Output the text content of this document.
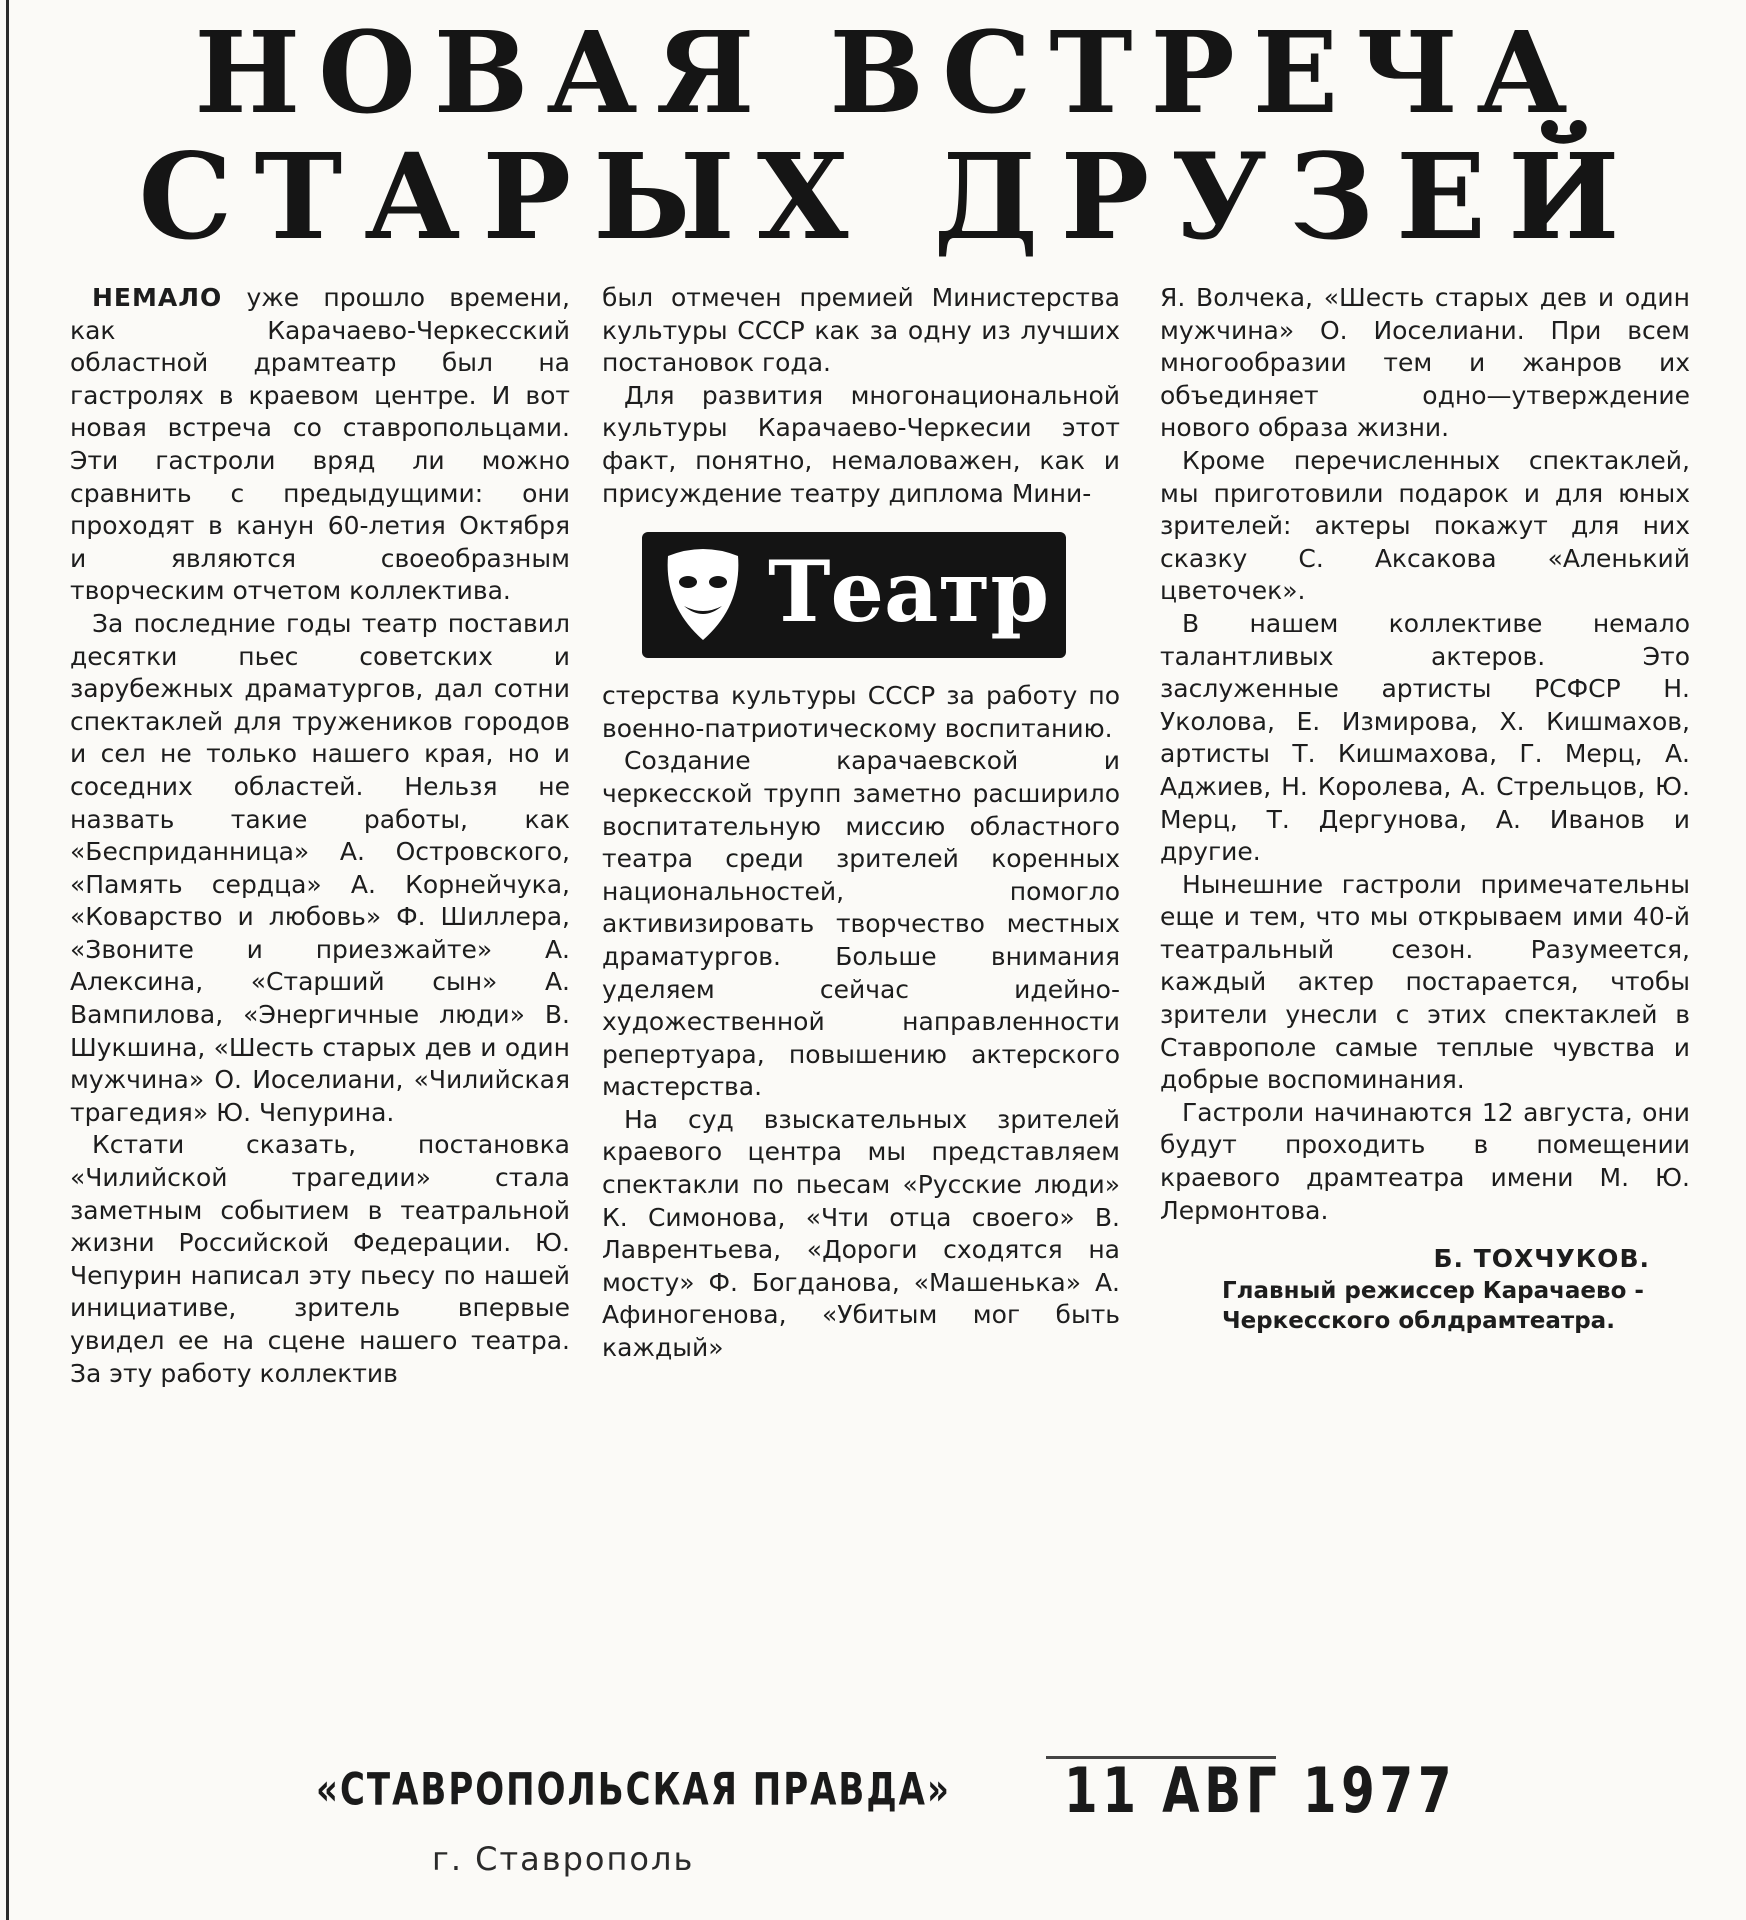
НОВАЯ ВСТРЕЧА
СТАРЫХ ДРУЗЕЙ

НЕМАЛО уже прошло времени, как Карачаево-Черкесский областной драмтеатр был на гастролях в краевом центре. И вот новая встреча со ставропольцами. Эти гастроли вряд ли можно сравнить с предыдущими: они проходят в канун 60-летия Октября и являются своеобразным творческим отчетом коллектива.

За последние годы театр поставил десятки пьес советских и зарубежных драматургов, дал сотни спектаклей для тружеников городов и сел не только нашего края, но и соседних областей. Нельзя не назвать такие работы, как «Бесприданница» А. Островского, «Память сердца» А. Корнейчука, «Коварство и любовь» Ф. Шиллера, «Звоните и приезжайте» А. Алексина, «Старший сын» А. Вампилова, «Энергичные люди» В. Шукшина, «Шесть старых дев и один мужчина» О. Иоселиани, «Чилийская трагедия» Ю. Чепурина.

Кстати сказать, постановка «Чилийской трагедии» стала заметным событием в театральной жизни Российской Федерации. Ю. Чепурин написал эту пьесу по нашей инициативе, зритель впервые увидел ее на сцене нашего театра. За эту работу коллектив

был отмечен премией Министерства культуры СССР как за одну из лучших постановок года.

Для развития многонациональной культуры Карачаево-Черкесии этот факт, понятно, немаловажен, как и присуждение театру диплома Мини-

Театр

стерства культуры СССР за работу по военно-патриотическому воспитанию.

Создание карачаевской и черкесской трупп заметно расширило воспитательную миссию областного театра среди зрителей коренных национальностей, помогло активизировать творчество местных драматургов. Больше внимания уделяем сейчас идейно-художественной направленности репертуара, повышению актерского мастерства.

На суд взыскательных зрителей краевого центра мы представляем спектакли по пьесам «Русские люди» К. Симонова, «Чти отца своего» В. Лаврентьева, «Дороги сходятся на мосту» Ф. Богданова, «Машенька» А. Афиногенова, «Убитым мог быть каждый»

Я. Волчека, «Шесть старых дев и один мужчина» О. Иоселиани. При всем многообразии тем и жанров их объединяет одно—утверждение нового образа жизни.

Кроме перечисленных спектаклей, мы приготовили подарок и для юных зрителей: актеры покажут для них сказку С. Аксакова «Аленький цветочек».

В нашем коллективе немало талантливых актеров. Это заслуженные артисты РСФСР Н. Уколова, Е. Измирова, Х. Кишмахов, артисты Т. Кишмахова, Г. Мерц, А. Аджиев, Н. Королева, А. Стрельцов, Ю. Мерц, Т. Дергунова, А. Иванов и другие.

Нынешние гастроли примечательны еще и тем, что мы открываем ими 40-й театральный сезон. Разумеется, каждый актер постарается, чтобы зрители унесли с этих спектаклей в Ставрополе самые теплые чувства и добрые воспоминания.

Гастроли начинаются 12 августа, они будут проходить в помещении краевого драмтеатра имени М. Ю. Лермонтова.

Б. ТОХЧУКОВ.
Главный режиссер Карачаево - Черкесского облдрамтеатра.
«СТАВРОПОЛЬСКАЯ ПРАВДА»
г. Ставрополь
11 АВГ 1977
